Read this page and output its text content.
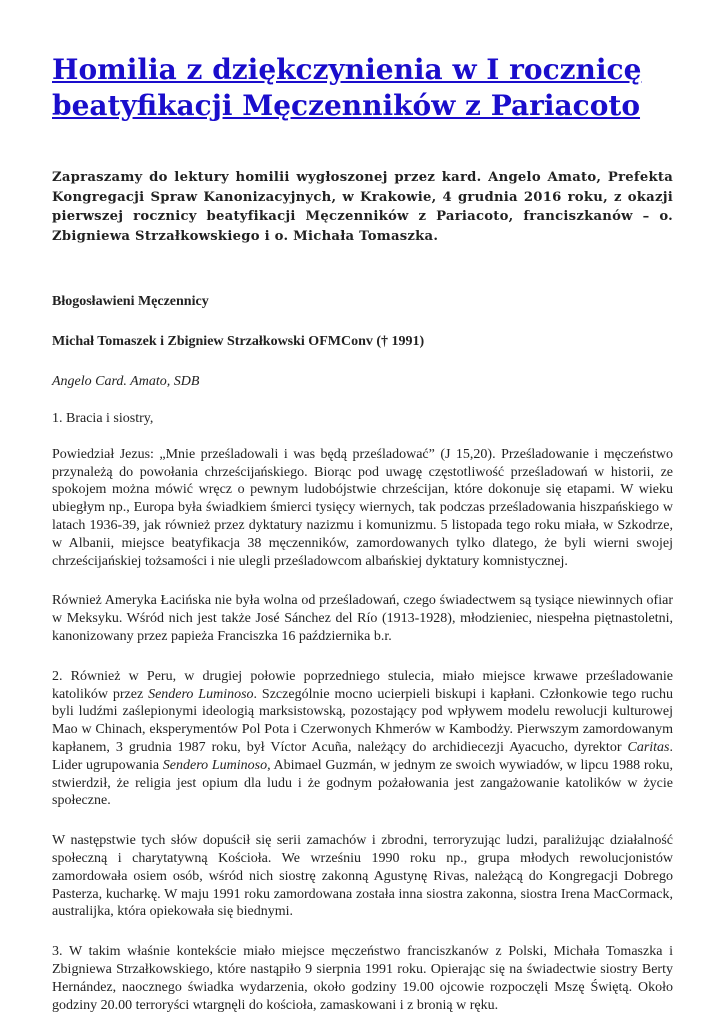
Homilia z dziękczynienia w I rocznicę beatyfikacji Męczenników z Pariacoto

Zapraszamy do lektury homilii wygłoszonej przez kard. Angelo Amato, Prefekta Kongregacji Spraw Kanonizacyjnych, w Krakowie, 4 grudnia 2016 roku, z okazji pierwszej rocznicy beatyfikacji Męczenników z Pariacoto, franciszkanów – o. Zbigniewa Strzałkowskiego i o. Michała Tomaszka.

Błogosławieni Męczennicy

Michał Tomaszek i Zbigniew Strzałkowski OFMConv († 1991)

Angelo Card. Amato, SDB

1. Bracia i siostry,

Powiedział Jezus: „Mnie prześladowali i was będą prześladować” (J 15,20). Prześladowanie i męczeństwo przynależą do powołania chrześcijańskiego. Biorąc pod uwagę częstotliwość prześladowań w historii, ze spokojem można mówić wręcz o pewnym ludobójstwie chrześcijan, które dokonuje się etapami. W wieku ubiegłym np., Europa była świadkiem śmierci tysięcy wiernych, tak podczas prześladowania hiszpańskiego w latach 1936-39, jak również przez dyktatury nazizmu i komunizmu. 5 listopada tego roku miała, w Szkodrze, w Albanii, miejsce beatyfikacja 38 męczenników, zamordowanych tylko dlatego, że byli wierni swojej chrześcijańskiej tożsamości i nie ulegli prześladowcom albańskiej dyktatury komnistycznej.

Również Ameryka Łacińska nie była wolna od prześladowań, czego świadectwem są tysiące niewinnych ofiar w Meksyku. Wśród nich jest także José Sánchez del Río (1913-1928), młodzieniec, niespełna piętnastoletni, kanonizowany przez papieża Franciszka 16 października b.r.

2. Również w Peru, w drugiej połowie poprzedniego stulecia, miało miejsce krwawe prześladowanie katolików przez Sendero Luminoso. Szczególnie mocno ucierpieli biskupi i kapłani. Członkowie tego ruchu byli ludźmi zaślepionymi ideologią marksistowską, pozostający pod wpływem modelu rewolucji kulturowej Mao w Chinach, eksperymentów Pol Pota i Czerwonych Khmerów w Kambodży. Pierwszym zamordowanym kapłanem, 3 grudnia 1987 roku, był Víctor Acuña, należący do archidiecezji Ayacucho, dyrektor Caritas. Lider ugrupowania Sendero Luminoso, Abimael Guzmán, w jednym ze swoich wywiadów, w lipcu 1988 roku, stwierdził, że religia jest opium dla ludu i że godnym pożałowania jest zangażowanie katolików w życie społeczne.

W następstwie tych słów dopuścił się serii zamachów i zbrodni, terroryzując ludzi, paraliżując działalność społeczną i charytatywną Kościoła. We wrześniu 1990 roku np., grupa młodych rewolucjonistów zamordowała osiem osób, wśród nich siostrę zakonną Agustynę Rivas, należącą do Kongregacji Dobrego Pasterza, kucharkę. W maju 1991 roku zamordowana została inna siostra zakonna, siostra Irena MacCormack, australijka, która opiekowała się biednymi.

3. W takim właśnie kontekście miało miejsce męczeństwo franciszkanów z Polski, Michała Tomaszka i Zbigniewa Strzałkowskiego, które nastąpiło 9 sierpnia 1991 roku. Opierając się na świadectwie siostry Berty Hernández, naocznego świadka wydarzenia, około godziny 19.00 ojcowie rozpoczęli Mszę Świętą. Około godziny 20.00 terroryści wtargnęli do kościoła, zamaskowani i z bronią w ręku.
